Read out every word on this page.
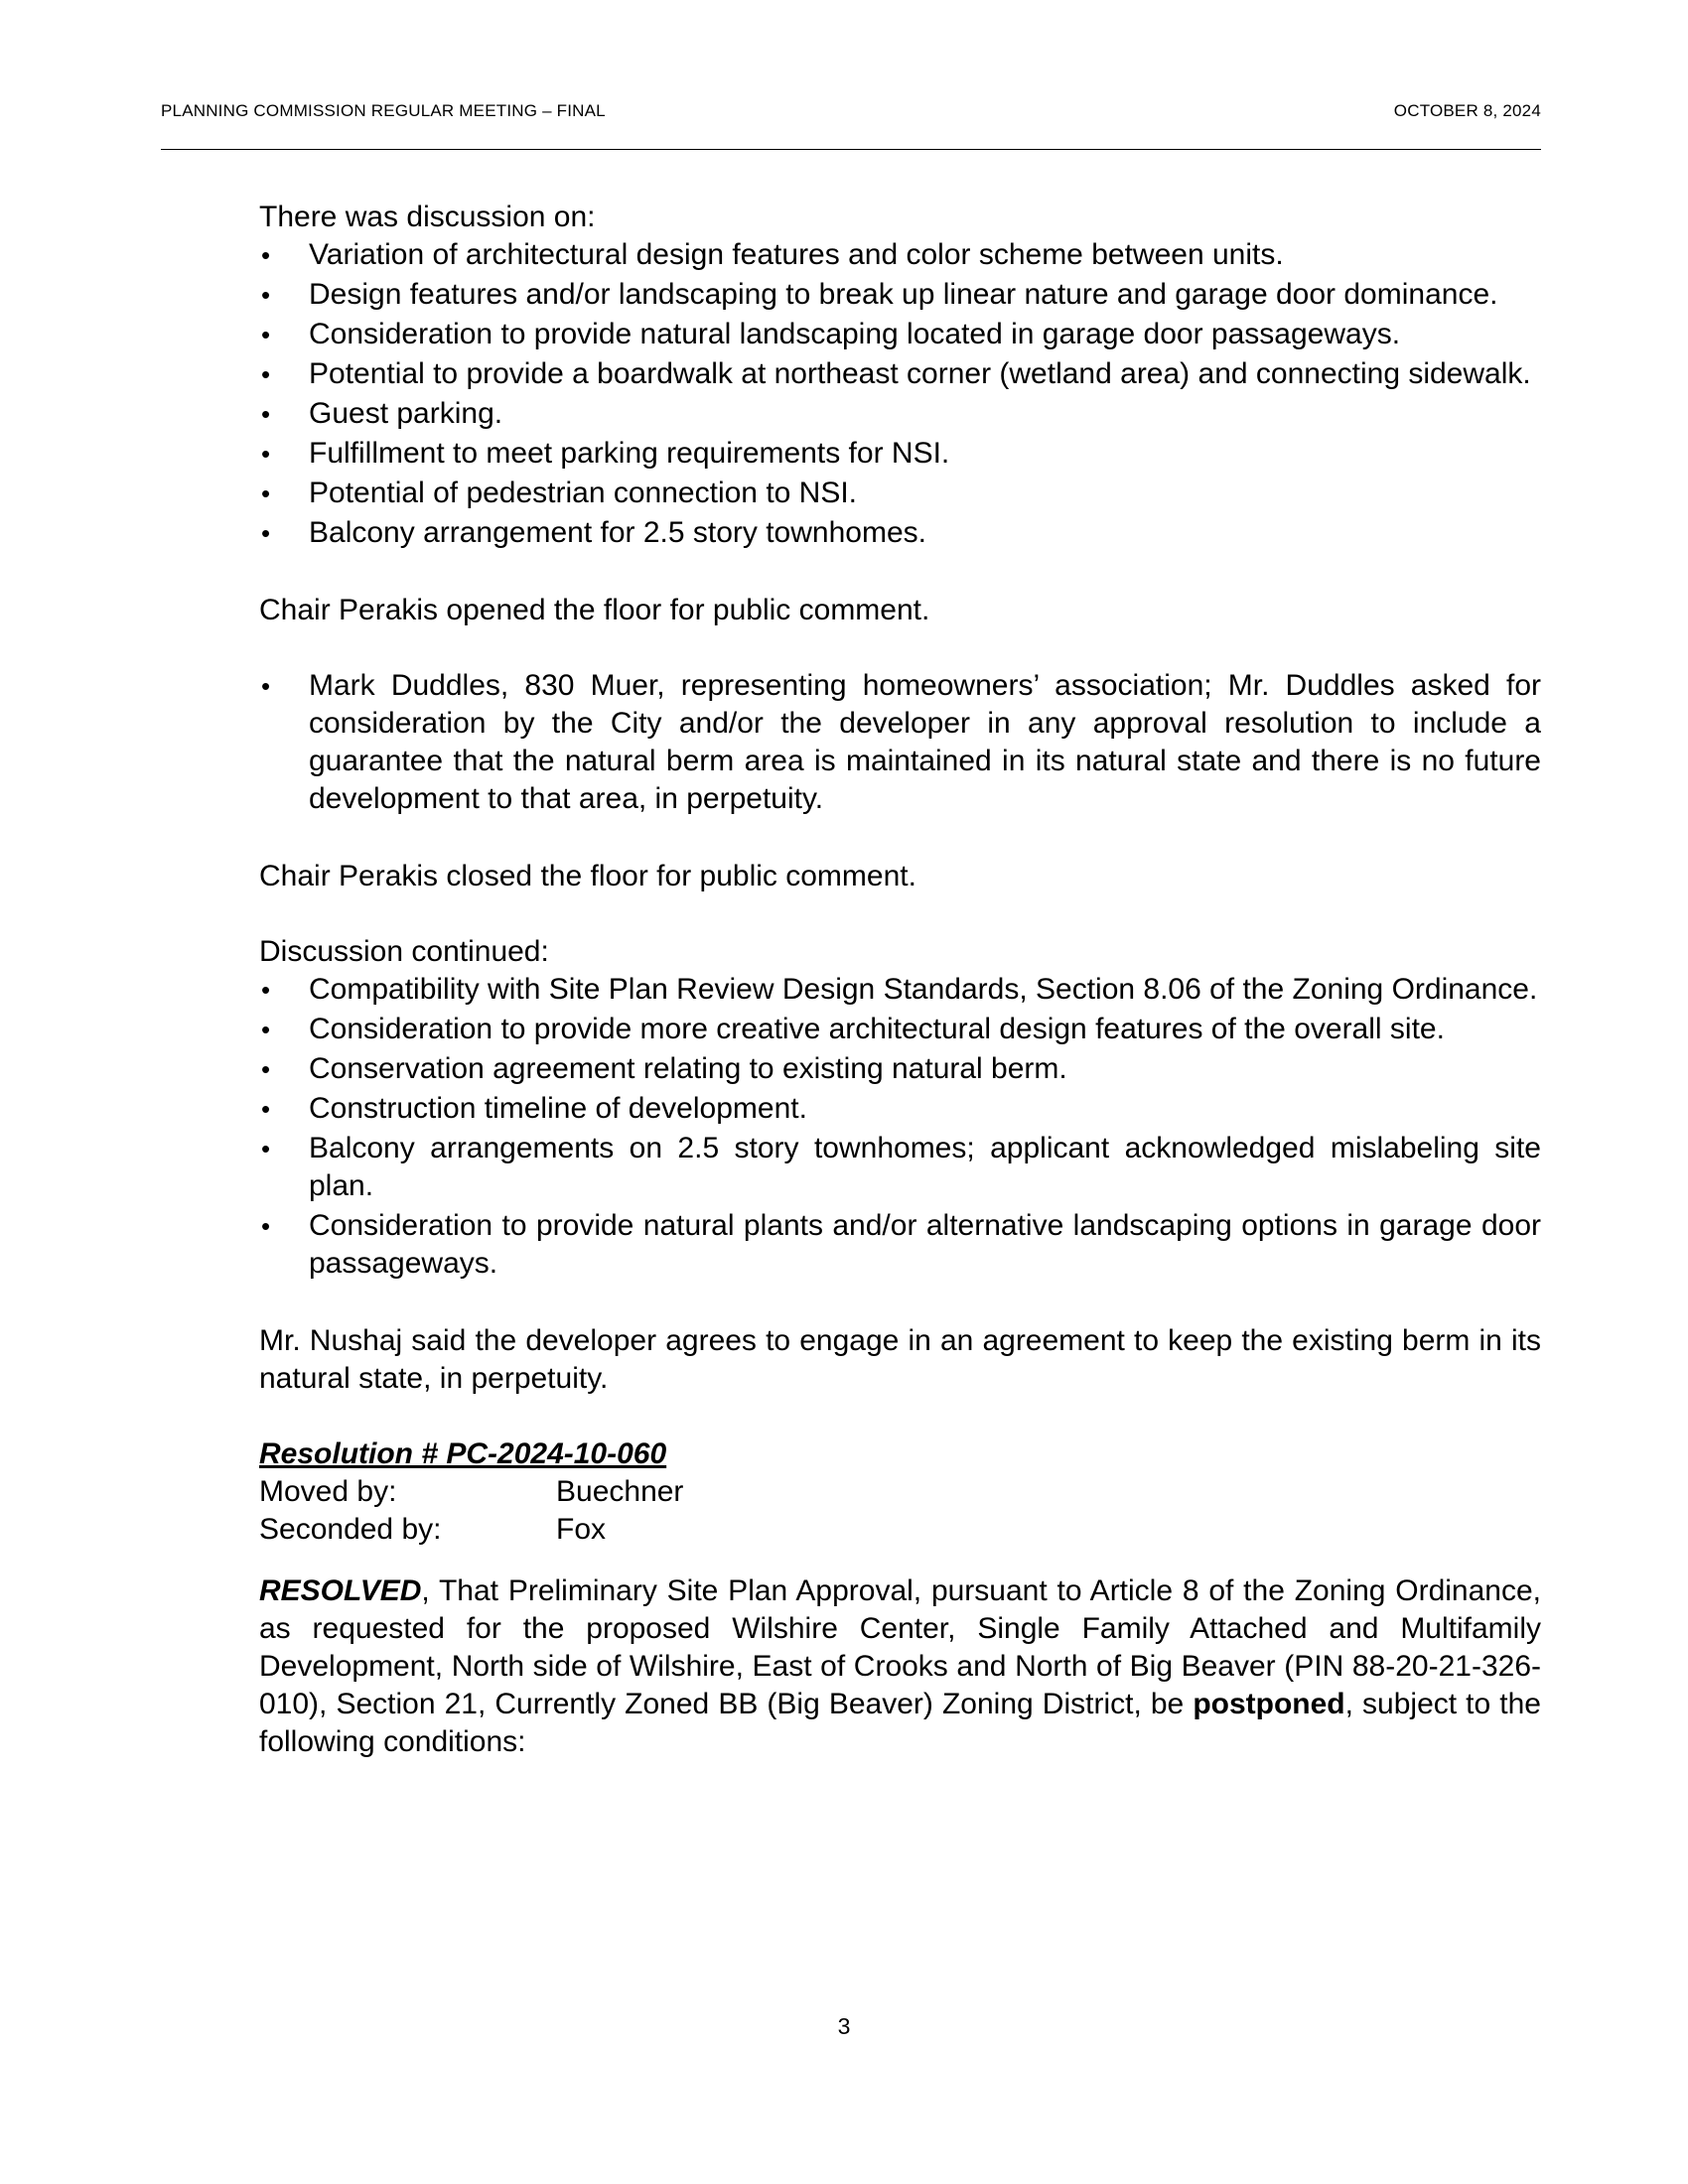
PLANNING COMMISSION REGULAR MEETING – FINAL	OCTOBER 8, 2024

There was discussion on:

• Variation of architectural design features and color scheme between units.
• Design features and/or landscaping to break up linear nature and garage door dominance.
• Consideration to provide natural landscaping located in garage door passageways.
• Potential to provide a boardwalk at northeast corner (wetland area) and connecting sidewalk.
• Guest parking.
• Fulfillment to meet parking requirements for NSI.
• Potential of pedestrian connection to NSI.
• Balcony arrangement for 2.5 story townhomes.

Chair Perakis opened the floor for public comment.

• Mark Duddles, 830 Muer, representing homeowners’ association; Mr. Duddles asked for consideration by the City and/or the developer in any approval resolution to include a guarantee that the natural berm area is maintained in its natural state and there is no future development to that area, in perpetuity.

Chair Perakis closed the floor for public comment.

Discussion continued:

• Compatibility with Site Plan Review Design Standards, Section 8.06 of the Zoning Ordinance.
• Consideration to provide more creative architectural design features of the overall site.
• Conservation agreement relating to existing natural berm.
• Construction timeline of development.
• Balcony arrangements on 2.5 story townhomes; applicant acknowledged mislabeling site plan.
• Consideration to provide natural plants and/or alternative landscaping options in garage door passageways.

Mr. Nushaj said the developer agrees to engage in an agreement to keep the existing berm in its natural state, in perpetuity.

Resolution # PC-2024-10-060

Moved by:	Buechner
Seconded by:	Fox

RESOLVED, That Preliminary Site Plan Approval, pursuant to Article 8 of the Zoning Ordinance, as requested for the proposed Wilshire Center, Single Family Attached and Multifamily Development, North side of Wilshire, East of Crooks and North of Big Beaver (PIN 88-20-21-326-010), Section 21, Currently Zoned BB (Big Beaver) Zoning District, be postponed, subject to the following conditions:

3
